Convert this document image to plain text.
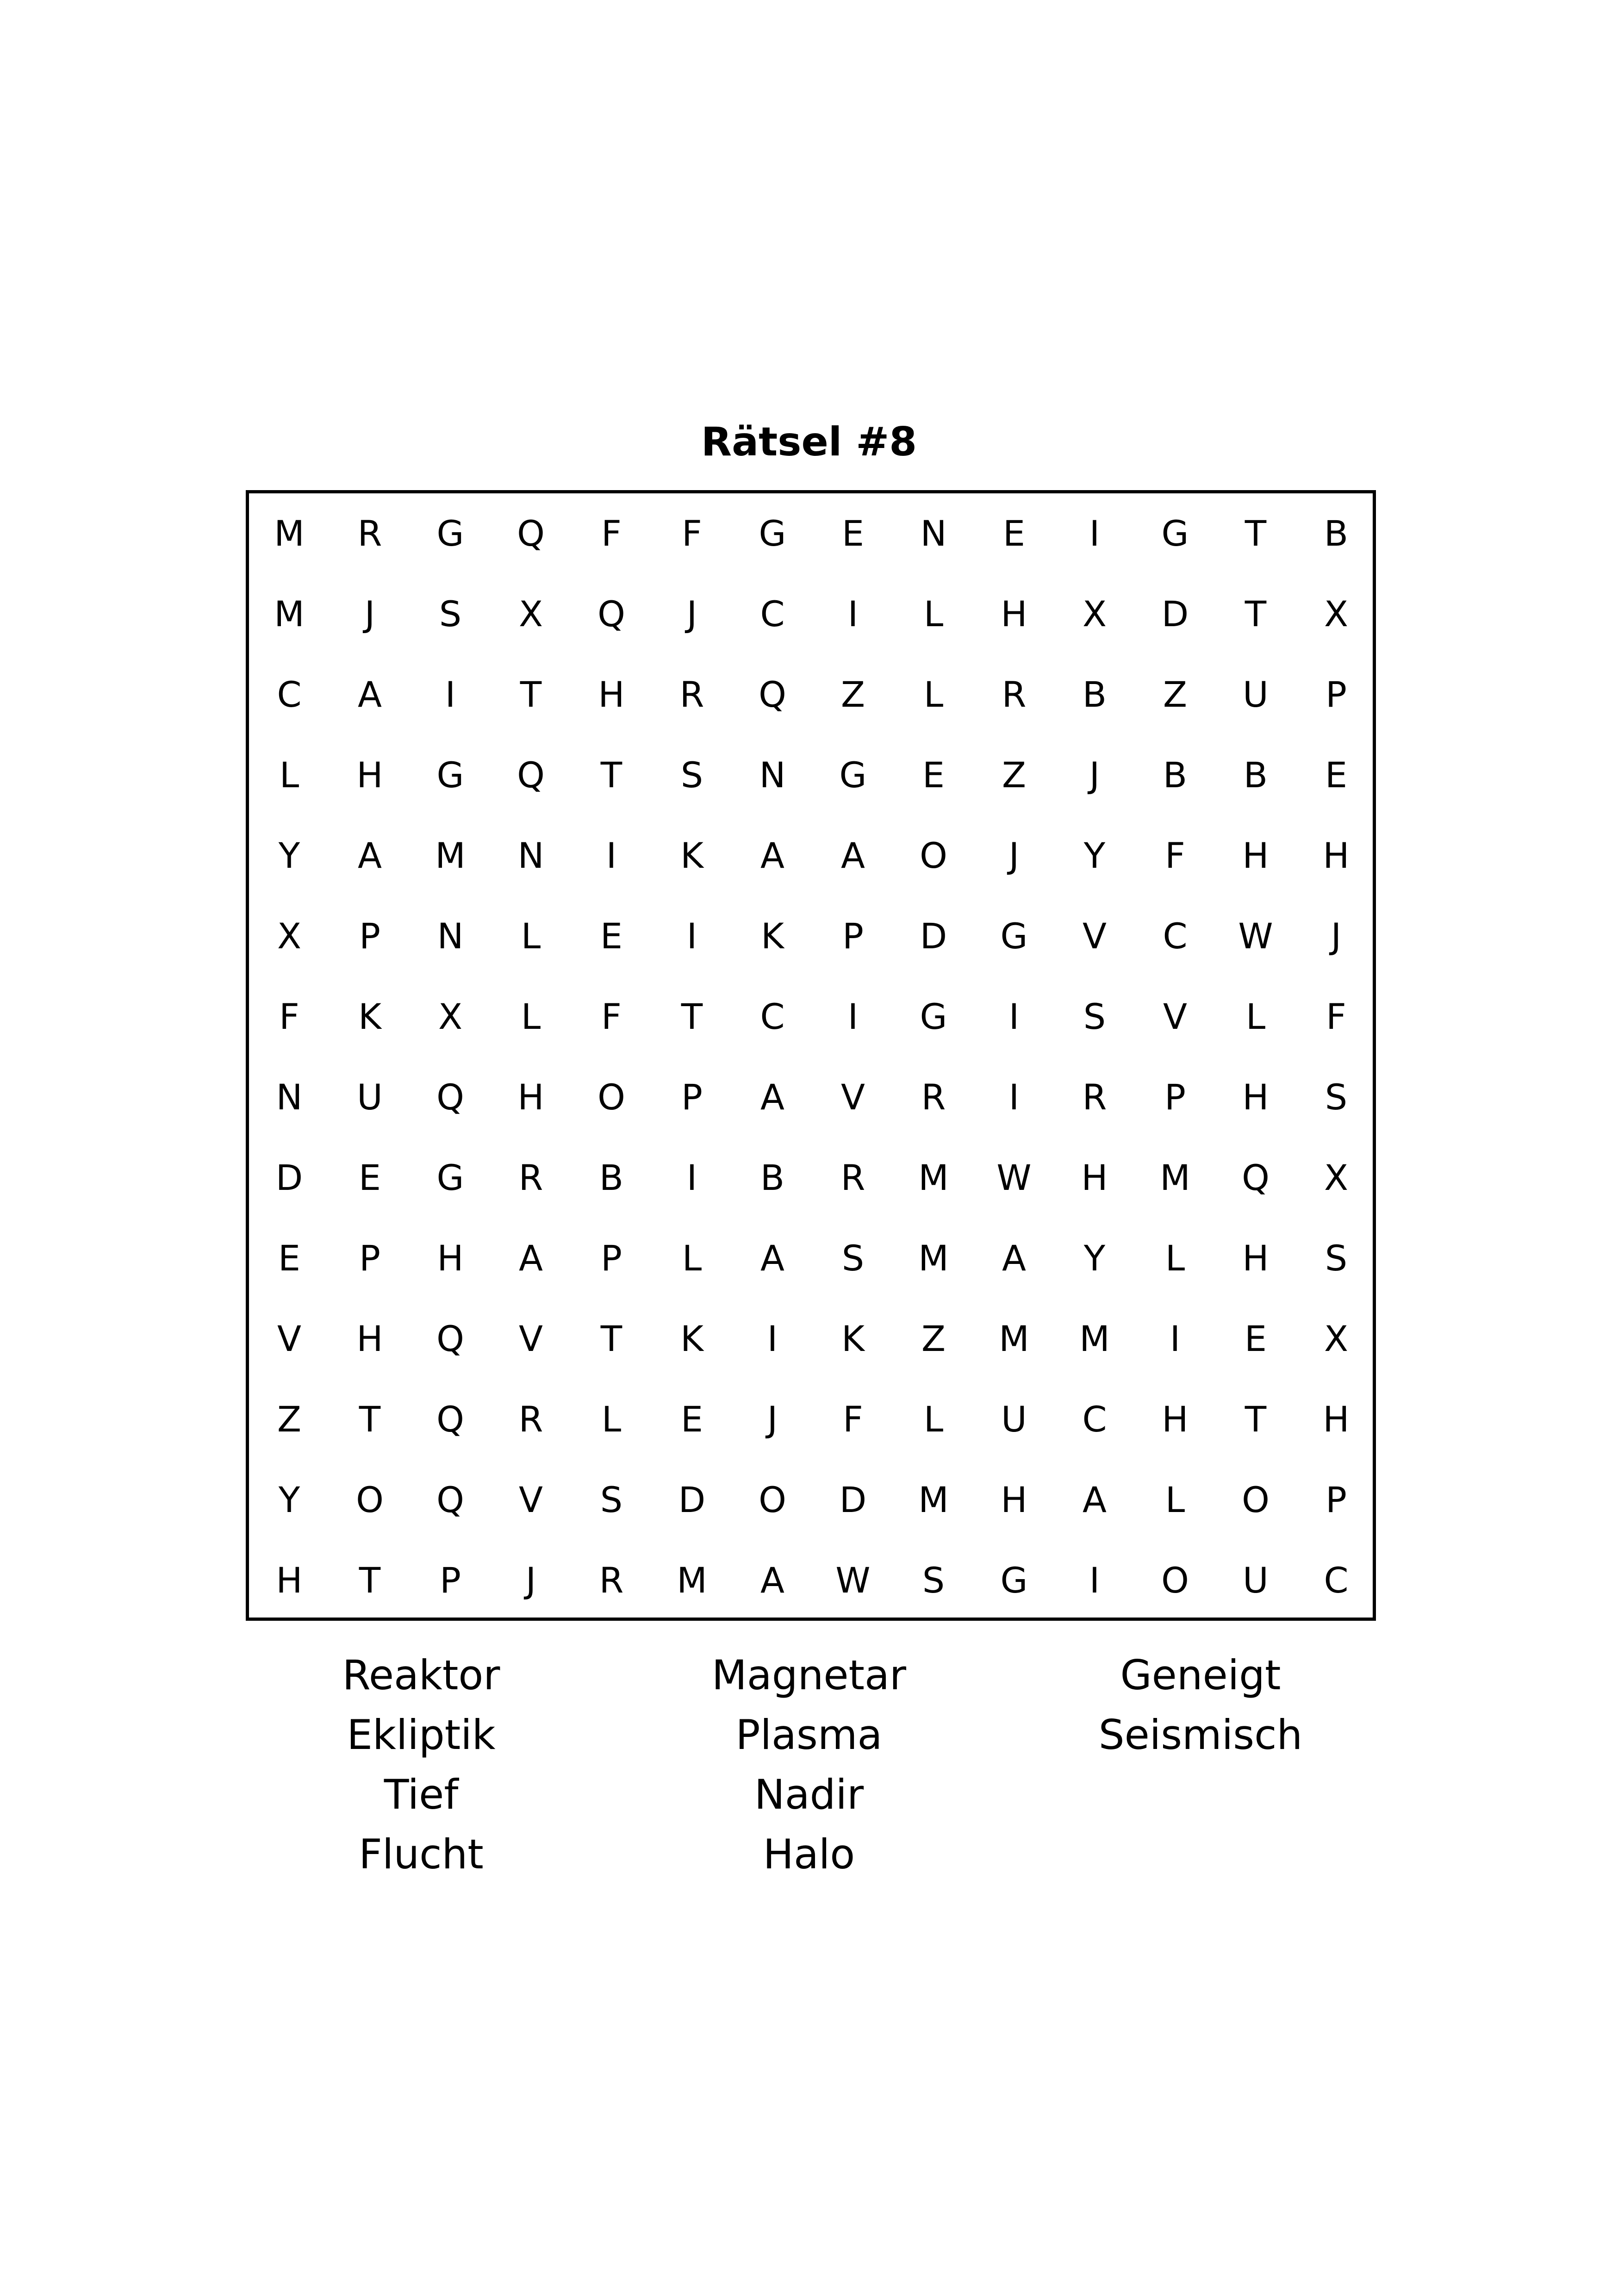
Rätsel #8
M	R	G	Q	F	F	G	E	N	E	I	G	T	B
M	J	S	X	Q	J	C	I	L	H	X	D	T	X
C	A	I	T	H	R	Q	Z	L	R	B	Z	U	P
L	H	G	Q	T	S	N	G	E	Z	J	B	B	E
Y	A	M	N	I	K	A	A	O	J	Y	F	H	H
X	P	N	L	E	I	K	P	D	G	V	C	W	J
F	K	X	L	F	T	C	I	G	I	S	V	L	F
N	U	Q	H	O	P	A	V	R	I	R	P	H	S
D	E	G	R	B	I	B	R	M	W	H	M	Q	X
E	P	H	A	P	L	A	S	M	A	Y	L	H	S
V	H	Q	V	T	K	I	K	Z	M	M	I	E	X
Z	T	Q	R	L	E	J	F	L	U	C	H	T	H
Y	O	Q	V	S	D	O	D	M	H	A	L	O	P
H	T	P	J	R	M	A	W	S	G	I	O	U	C
Reaktor
Ekliptik
Tief
Flucht
Magnetar
Plasma
Nadir
Halo
Geneigt
Seismisch
